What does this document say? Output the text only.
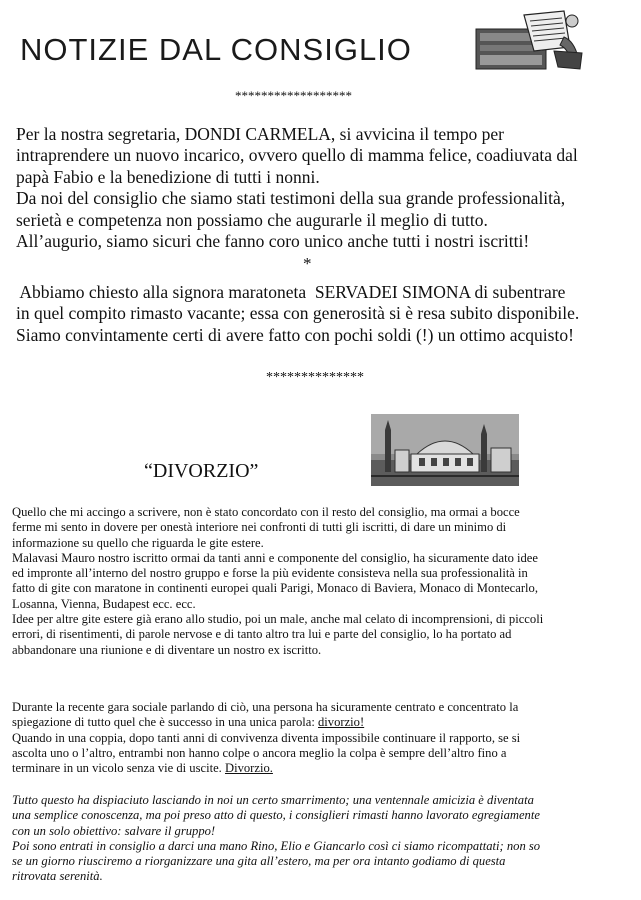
NOTIZIE DAL CONSIGLIO
******************
Per la nostra segretaria, DONDI CARMELA, si avvicina il tempo per
intraprendere un nuovo incarico, ovvero quello di mamma felice, coadiuvata dal
papà Fabio e la benedizione di tutti i nonni.
Da noi del consiglio che siamo stati testimoni della sua grande professionalità,
serietà e competenza non possiamo che augurarle il meglio di tutto.
All’augurio, siamo sicuri che fanno coro unico anche tutti i nostri iscritti!
*
Abbiamo chiesto alla signora maratoneta  SERVADEI SIMONA di subentrare
in quel compito rimasto vacante; essa con generosità si è resa subito disponibile.
Siamo convintamente certi di avere fatto con pochi soldi (!) un ottimo acquisto!
**************
“DIVORZIO”
Quello che mi accingo a scrivere, non è stato concordato con il resto del consiglio, ma ormai a bocce
ferme mi sento in dovere per onestà interiore nei confronti di tutti gli iscritti, di dare un minimo di
informazione su quello che riguarda le gite estere.
Malavasi Mauro nostro iscritto ormai da tanti anni e componente del consiglio, ha sicuramente dato idee
ed impronte all’interno del nostro gruppo e forse la più evidente consisteva nella sua professionalità in
fatto di gite con maratone in continenti europei quali Parigi, Monaco di Baviera, Monaco di Montecarlo,
Losanna, Vienna, Budapest ecc. ecc.
Idee per altre gite estere già erano allo studio, poi un male, anche mal celato di incomprensioni, di piccoli
errori, di risentimenti, di parole nervose e di tanto altro tra lui e parte del consiglio, lo ha portato ad
abbandonare una riunione e di diventare un nostro ex iscritto.
Durante la recente gara sociale parlando di ciò, una persona ha sicuramente centrato e concentrato la
spiegazione di tutto quel che è successo in una unica parola: divorzio!
Quando in una coppia, dopo tanti anni di convivenza diventa impossibile continuare il rapporto, se si
ascolta uno o l’altro, entrambi non hanno colpe o ancora meglio la colpa è sempre dell’altro fino a
terminare in un vicolo senza vie di uscite. Divorzio.
Tutto questo ha dispiaciuto lasciando in noi un certo smarrimento; una ventennale amicizia è diventata
una semplice conoscenza, ma poi preso atto di questo, i consiglieri rimasti hanno lavorato egregiamente
con un solo obiettivo: salvare il gruppo!
Poi sono entrati in consiglio a darci una mano Rino, Elio e Giancarlo così ci siamo ricompattati; non so
se un giorno riusciremo a riorganizzare una gita all’estero, ma per ora intanto godiamo di questa
ritrovata serenità.
